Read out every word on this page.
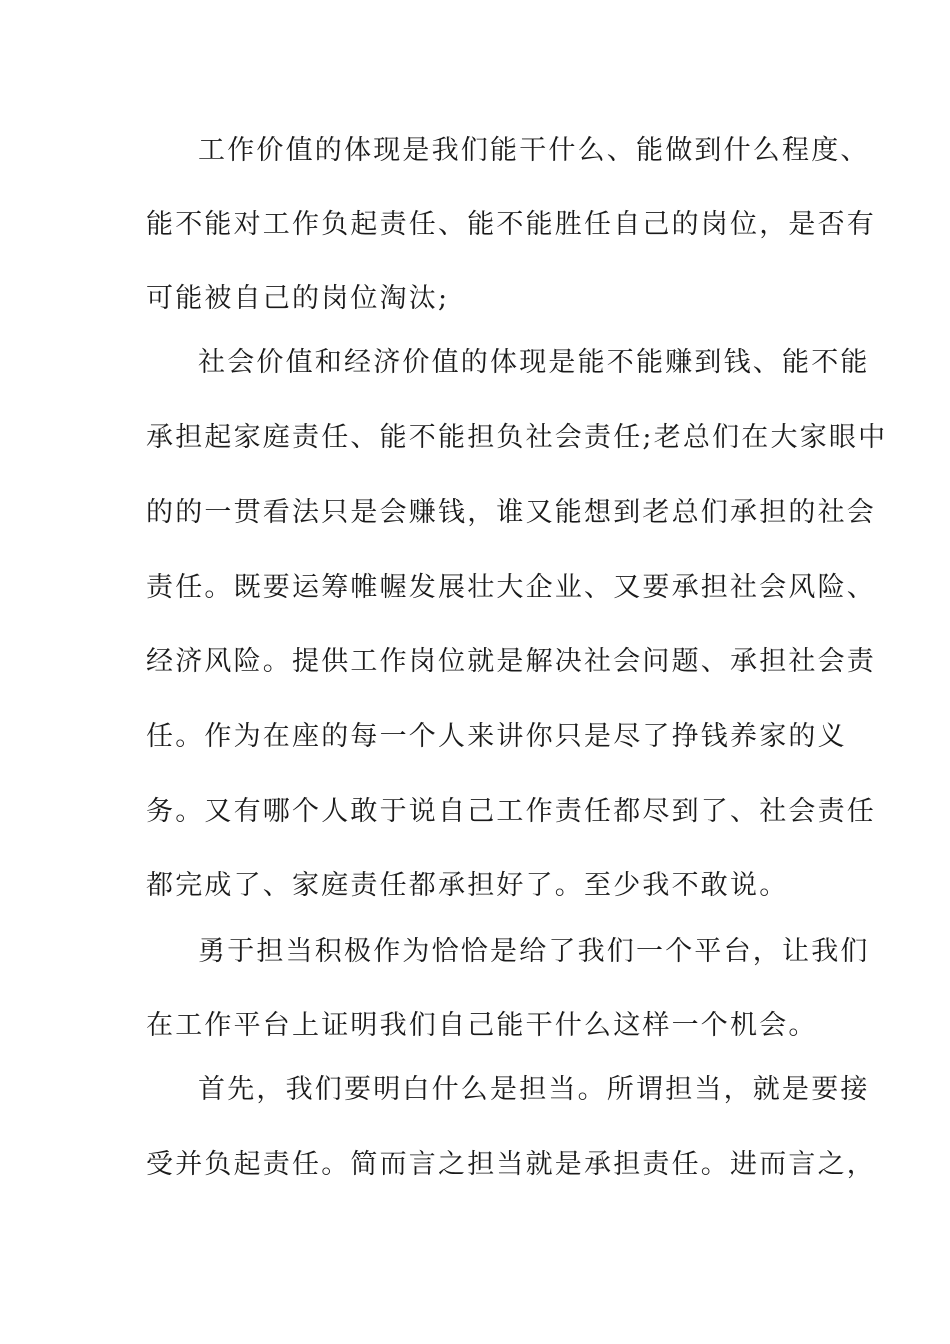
工作价值的体现是我们能干什么、能做到什么程度、
能不能对工作负起责任、能不能胜任自己的岗位，是否有
可能被自己的岗位淘汰;
社会价值和经济价值的体现是能不能赚到钱、能不能
承担起家庭责任、能不能担负社会责任;老总们在大家眼中
的的一贯看法只是会赚钱，谁又能想到老总们承担的社会
责任。既要运筹帷幄发展壮大企业、又要承担社会风险、
经济风险。提供工作岗位就是解决社会问题、承担社会责
任。作为在座的每一个人来讲你只是尽了挣钱养家的义
务。又有哪个人敢于说自己工作责任都尽到了、社会责任
都完成了、家庭责任都承担好了。至少我不敢说。
勇于担当积极作为恰恰是给了我们一个平台，让我们
在工作平台上证明我们自己能干什么这样一个机会。
首先，我们要明白什么是担当。所谓担当，就是要接
受并负起责任。简而言之担当就是承担责任。进而言之，
